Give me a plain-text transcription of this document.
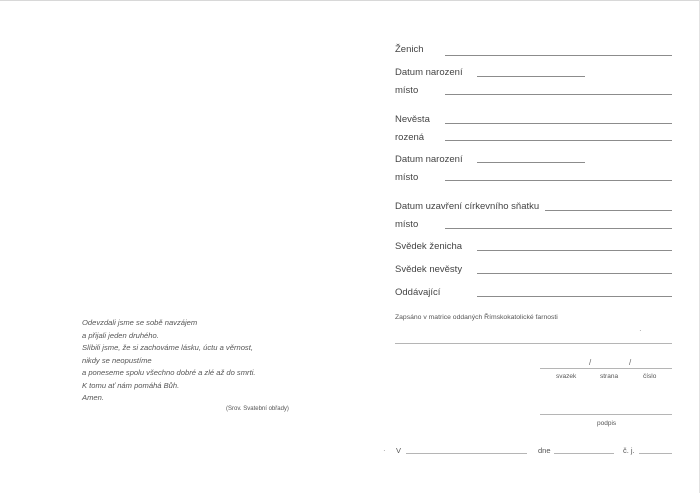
Ženich
Datum narození
místo
Nevěsta
rozená
Datum narození
místo
Datum uzavření církevního sňatku
místo
Svědek ženicha
Svědek nevěsty
Oddávající
Zapsáno v matrice oddaných Římskokatolické farnosti
·
/	/
svazek	strana	číslo
podpis
· V	dne	č. j.
Odevzdali jsme se sobě navzájem
a přijali jeden druhého.
Slíbili jsme, že si zachováme lásku, úctu a věrnost,
nikdy se neopustíme
a poneseme spolu všechno dobré a zlé až do smrti.
K tomu ať nám pomáhá Bůh.
Amen.
(Srov. Svatební obřady)
